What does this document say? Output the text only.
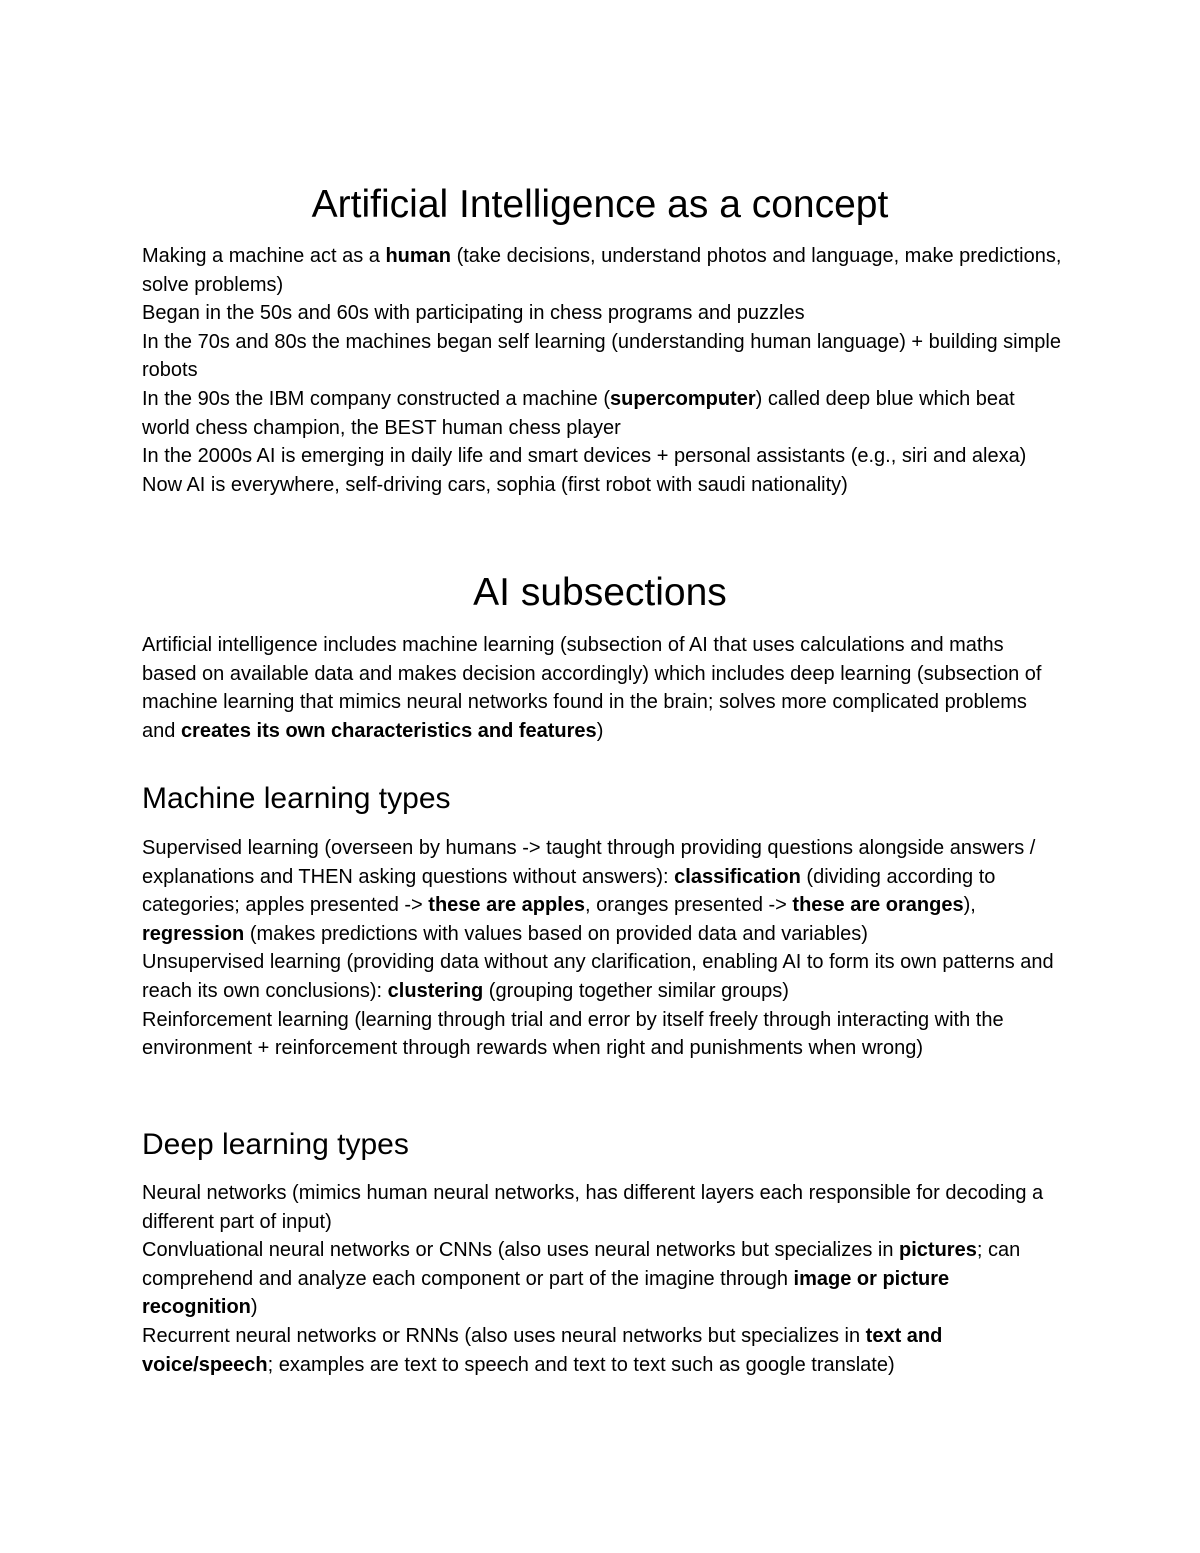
Artificial Intelligence as a concept

Making a machine act as a human (take decisions, understand photos and language, make predictions, solve problems)

Began in the 50s and 60s with participating in chess programs and puzzles

In the 70s and 80s the machines began self learning (understanding human language) + building simple robots

In the 90s the IBM company constructed a machine (supercomputer) called deep blue which beat world chess champion, the BEST human chess player

In the 2000s AI is emerging in daily life and smart devices + personal assistants (e.g., siri and alexa)

Now AI is everywhere, self-driving cars, sophia (first robot with saudi nationality)

AI subsections

Artificial intelligence includes machine learning (subsection of AI that uses calculations and maths based on available data and makes decision accordingly) which includes deep learning (subsection of machine learning that mimics neural networks found in the brain; solves more complicated problems and creates its own characteristics and features)

Machine learning types

Supervised learning (overseen by humans -> taught through providing questions alongside answers / explanations and THEN asking questions without answers): classification (dividing according to categories; apples presented -> these are apples, oranges presented -> these are oranges), regression (makes predictions with values based on provided data and variables)

Unsupervised learning (providing data without any clarification, enabling AI to form its own patterns and reach its own conclusions): clustering (grouping together similar groups)

Reinforcement learning (learning through trial and error by itself freely through interacting with the environment + reinforcement through rewards when right and punishments when wrong)

Deep learning types

Neural networks (mimics human neural networks, has different layers each responsible for decoding a different part of input)

Convluational neural networks or CNNs (also uses neural networks but specializes in pictures; can comprehend and analyze each component or part of the imagine through image or picture recognition)

Recurrent neural networks or RNNs (also uses neural networks but specializes in text and voice/speech; examples are text to speech and text to text such as google translate)
